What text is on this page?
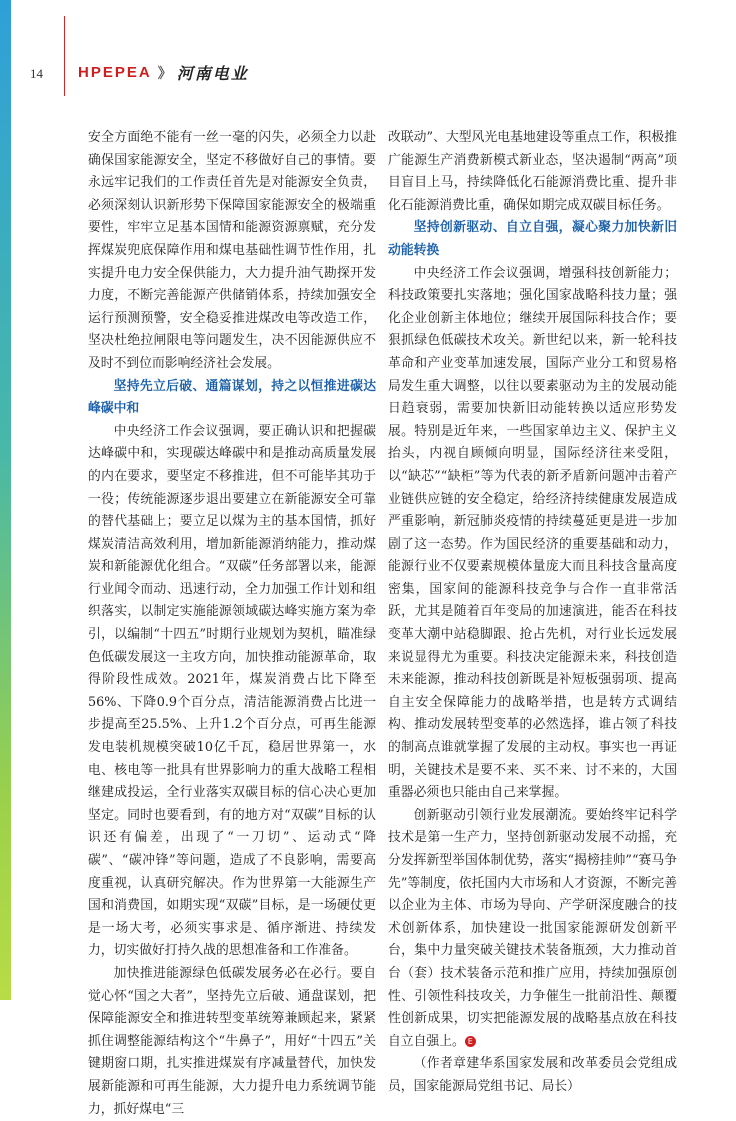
14 HPEPEA 》 河南电业

安全方面绝不能有一丝一毫的闪失，必须全力以赴确保国家能源安全，坚定不移做好自己的事情。要永远牢记我们的工作责任首先是对能源安全负责，必须深刻认识新形势下保障国家能源安全的极端重要性，牢牢立足基本国情和能源资源禀赋，充分发挥煤炭兜底保障作用和煤电基础性调节性作用，扎实提升电力安全保供能力，大力提升油气勘探开发力度，不断完善能源产供储销体系，持续加强安全运行预测预警，安全稳妥推进煤改电等改造工作，坚决杜绝拉闸限电等问题发生，决不因能源供应不及时不到位而影响经济社会发展。

坚持先立后破、通篇谋划，持之以恒推进碳达峰碳中和

中央经济工作会议强调，要正确认识和把握碳达峰碳中和，实现碳达峰碳中和是推动高质量发展的内在要求，要坚定不移推进，但不可能毕其功于一役；传统能源逐步退出要建立在新能源安全可靠的替代基础上；要立足以煤为主的基本国情，抓好煤炭清洁高效利用，增加新能源消纳能力，推动煤炭和新能源优化组合。“双碳”任务部署以来，能源行业闻令而动、迅速行动，全力加强工作计划和组织落实，以制定实施能源领域碳达峰实施方案为牵引，以编制“十四五”时期行业规划为契机，瞄准绿色低碳发展这一主攻方向，加快推动能源革命，取得阶段性成效。2021年，煤炭消费占比下降至56%、下降0.9个百分点，清洁能源消费占比进一步提高至25.5%、上升1.2个百分点，可再生能源发电装机规模突破10亿千瓦，稳居世界第一，水电、核电等一批具有世界影响力的重大战略工程相继建成投运，全行业落实双碳目标的信心决心更加坚定。同时也要看到，有的地方对“双碳”目标的认识还有偏差，出现了“一刀切”、运动式“降碳”、“碳冲锋”等问题，造成了不良影响，需要高度重视，认真研究解决。作为世界第一大能源生产国和消费国，如期实现“双碳”目标，是一场硬仗更是一场大考，必须实事求是、循序渐进、持续发力，切实做好打持久战的思想准备和工作准备。

加快推进能源绿色低碳发展务必在必行。要自觉心怀“国之大者”，坚持先立后破、通盘谋划，把保障能源安全和推进转型变革统筹兼顾起来，紧紧抓住调整能源结构这个“牛鼻子”，用好“十四五”关键期窗口期，扎实推进煤炭有序减量替代，加快发展新能源和可再生能源，大力提升电力系统调节能力，抓好煤电“三

改联动”、大型风光电基地建设等重点工作，积极推广能源生产消费新模式新业态，坚决遏制“两高”项目盲目上马，持续降低化石能源消费比重、提升非化石能源消费比重，确保如期完成双碳目标任务。

坚持创新驱动、自立自强，凝心聚力加快新旧动能转换

中央经济工作会议强调，增强科技创新能力；科技政策要扎实落地；强化国家战略科技力量；强化企业创新主体地位；继续开展国际科技合作；要狠抓绿色低碳技术攻关。新世纪以来，新一轮科技革命和产业变革加速发展，国际产业分工和贸易格局发生重大调整，以往以要素驱动为主的发展动能日趋衰弱，需要加快新旧动能转换以适应形势发展。特别是近年来，一些国家单边主义、保护主义抬头，内视自顾倾向明显，国际经济往来受阻，以“缺芯”“缺柜”等为代表的新矛盾新问题冲击着产业链供应链的安全稳定，给经济持续健康发展造成严重影响，新冠肺炎疫情的持续蔓延更是进一步加剧了这一态势。作为国民经济的重要基础和动力，能源行业不仅要素规模体量庞大而且科技含量高度密集，国家间的能源科技竞争与合作一直非常活跃，尤其是随着百年变局的加速演进，能否在科技变革大潮中站稳脚跟、抢占先机，对行业长远发展来说显得尤为重要。科技决定能源未来，科技创造未来能源，推动科技创新既是补短板强弱项、提高自主安全保障能力的战略举措，也是转方式调结构、推动发展转型变革的必然选择，谁占领了科技的制高点谁就掌握了发展的主动权。事实也一再证明，关键技术是要不来、买不来、讨不来的，大国重器必须也只能由自己来掌握。

创新驱动引领行业发展潮流。要始终牢记科学技术是第一生产力，坚持创新驱动发展不动摇，充分发挥新型举国体制优势，落实“揭榜挂帅”“赛马争先”等制度，依托国内大市场和人才资源，不断完善以企业为主体、市场为导向、产学研深度融合的技术创新体系，加快建设一批国家能源研发创新平台，集中力量突破关键技术装备瓶颈，大力推动首台（套）技术装备示范和推广应用，持续加强原创性、引领性科技攻关，力争催生一批前沿性、颠覆性创新成果，切实把能源发展的战略基点放在科技自立自强上。 E

（作者章建华系国家发展和改革委员会党组成员，国家能源局党组书记、局长）
